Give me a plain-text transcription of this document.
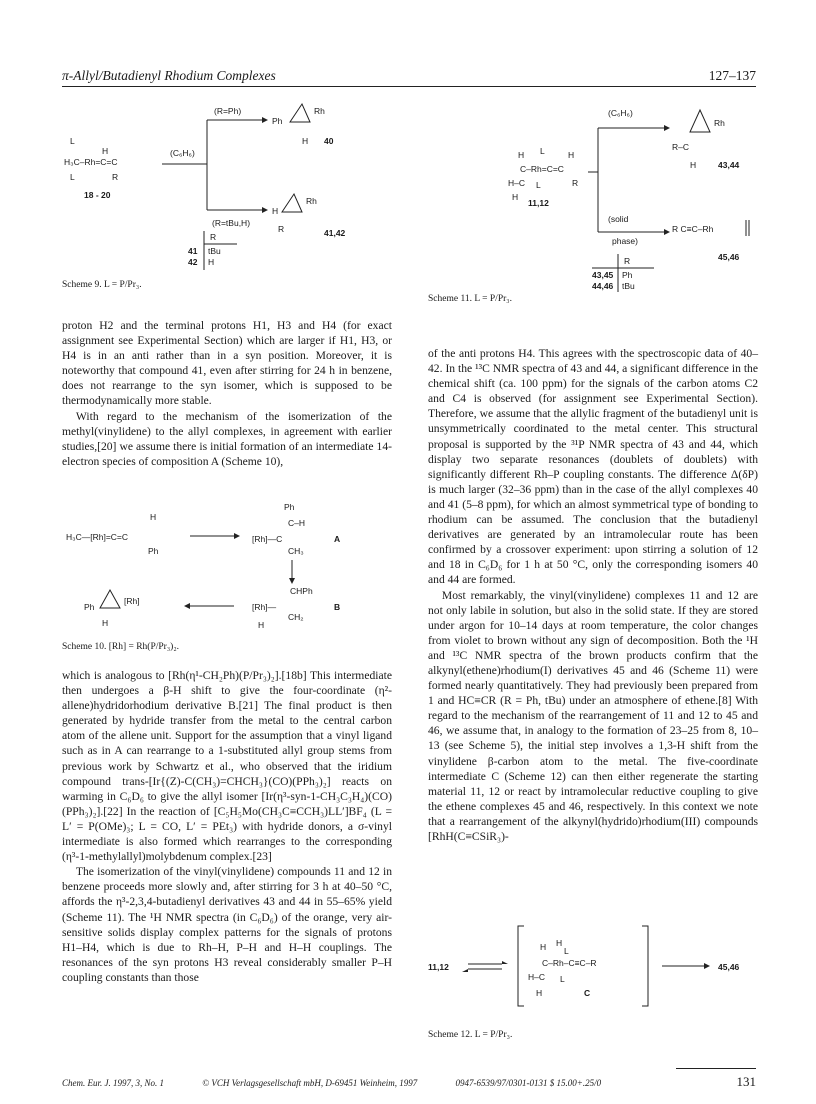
π-Allyl/Butadienyl Rhodium Complexes	127–137
H
L
H₃C–Rh=C=C
R
L
18 - 20
(C₆H₆)
(R=Ph)
(R=tBu,H)
Ph
Rh
H 40
H
Rh
R	41,42
R
41 tBu
42 H
Scheme 9. L = P/Pr₃.
H L	H
C–Rh=C=C
H–C L	R
H
11,12
(C₆H₆)
(solid
phase)
Rh
R–C
H	43,44
R C≡C–Rh
45,46
R
43,45 Ph
44,46 tBu
Scheme 11. L = P/Pr₃.

proton H2 and the terminal protons H1, H3 and H4 (for exact assignment see Experimental Section) which are larger if H1, H3, or H4 is in an anti rather than in a syn position. Moreover, it is noteworthy that compound 41, even after stirring for 24 h in benzene, does not rearrange to the syn isomer, which is supposed to be thermodynamically more stable.

With regard to the mechanism of the isomerization of the methyl(vinylidene) to the allyl complexes, in agreement with earlier studies,[20] we assume there is initial formation of an intermediate 14-electron species of composition A (Scheme 10),

H
H₃C—[Rh]=C=C
Ph
Ph
C–H
[Rh]—C
CH₃
A
CHPh
[Rh]—
CH₂
H
B
Ph
[Rh]
H
Scheme 10. [Rh] = Rh(P/Pr₃)₂.

which is analogous to [Rh(η¹-CH₂Ph)(P/Pr₃)₂].[18b] This intermediate then undergoes a β-H shift to give the four-coordinate (η²-allene)hydridorhodium derivative B.[21] The final product is then generated by hydride transfer from the metal to the central carbon atom of the allene unit. Support for the assumption that a vinyl ligand such as in A can rearrange to a 1-substituted allyl group stems from previous work by Schwartz et al., who observed that the iridium compound trans-[Ir{(Z)-C(CH₃)=CHCH₃}(CO)(PPh₃)₂] reacts on warming in C₆D₆ to give the allyl isomer [Ir(η³-syn-1-CH₃C₃H₄)(CO)(PPh₃)₂].[22] In the reaction of [C₅H₅Mo(CH₃C≡CCH₃)LL′]BF₄ (L = L′ = P(OMe)₃; L = CO, L′ = PEt₃) with hydride donors, a σ-vinyl intermediate is also formed which rearranges to the corresponding (η³-1-methylallyl)molybdenum complex.[23]

The isomerization of the vinyl(vinylidene) compounds 11 and 12 in benzene proceeds more slowly and, after stirring for 3 h at 40–50 °C, affords the η³-2,3,4-butadienyl derivatives 43 and 44 in 55–65% yield (Scheme 11). The ¹H NMR spectra (in C₆D₆) of the orange, very air-sensitive solids display complex patterns for the signals of protons H1–H4, which is due to Rh–H, P–H and H–H couplings. The resonances of the syn protons H3 reveal considerably smaller P–H coupling constants than those

of the anti protons H4. This agrees with the spectroscopic data of 40–42. In the ¹³C NMR spectra of 43 and 44, a significant difference in the chemical shift (ca. 100 ppm) for the signals of the carbon atoms C2 and C4 is observed (for assignment see Experimental Section). Therefore, we assume that the allylic fragment of the butadienyl unit is unsymmetrically coordinated to the metal center. This structural proposal is supported by the ³¹P NMR spectra of 43 and 44, which display two separate resonances (doublets of doublets) with significantly different Rh–P coupling constants. The difference Δ(δP) is much larger (32–36 ppm) than in the case of the allyl complexes 40 and 41 (5–8 ppm), for which an almost symmetrical type of bonding to rhodium can be assumed. The conclusion that the butadienyl derivatives are generated by an intramolecular route has been confirmed by a crossover experiment: upon stirring a solution of 12 and 18 in C₆D₆ for 1 h at 50 °C, only the corresponding isomers 40 and 44 are formed.

Most remarkably, the vinyl(vinylidene) complexes 11 and 12 are not only labile in solution, but also in the solid state. If they are stored under argon for 10–14 days at room temperature, the color changes from violet to brown without any sign of decomposition. Both the ¹H and ¹³C NMR spectra of the brown products confirm that the alkynyl(ethene)rhodium(I) derivatives 45 and 46 (Scheme 11) were formed nearly quantitatively. They had previously been prepared from 1 and HC≡CR (R = Ph, tBu) under an atmosphere of ethene.[8] With regard to the mechanism of the rearrangement of 11 and 12 to 45 and 46, we assume that, in analogy to the formation of 23–25 from 8, 10–13 (see Scheme 5), the initial step involves a 1,3-H shift from the vinylidene β-carbon atom to the metal. The five-coordinate intermediate C (Scheme 12) can then either regenerate the starting material 11, 12 or react by intramolecular reductive coupling to give the ethene complexes 45 and 46, respectively. In this context we note that a rearrangement of the alkynyl(hydrido)rhodium(III) compounds [RhH(C≡CSiR₃)-

11,12
H H
L
C–Rh–C≡C–R
H–C L
H	C
45,46
Scheme 12. L = P/Pr₃.
Chem. Eur. J. 1997, 3, No. 1	© VCH Verlagsgesellschaft mbH, D-69451 Weinheim, 1997	0947-6539/97/0301-0131 $ 15.00+.25/0	131
